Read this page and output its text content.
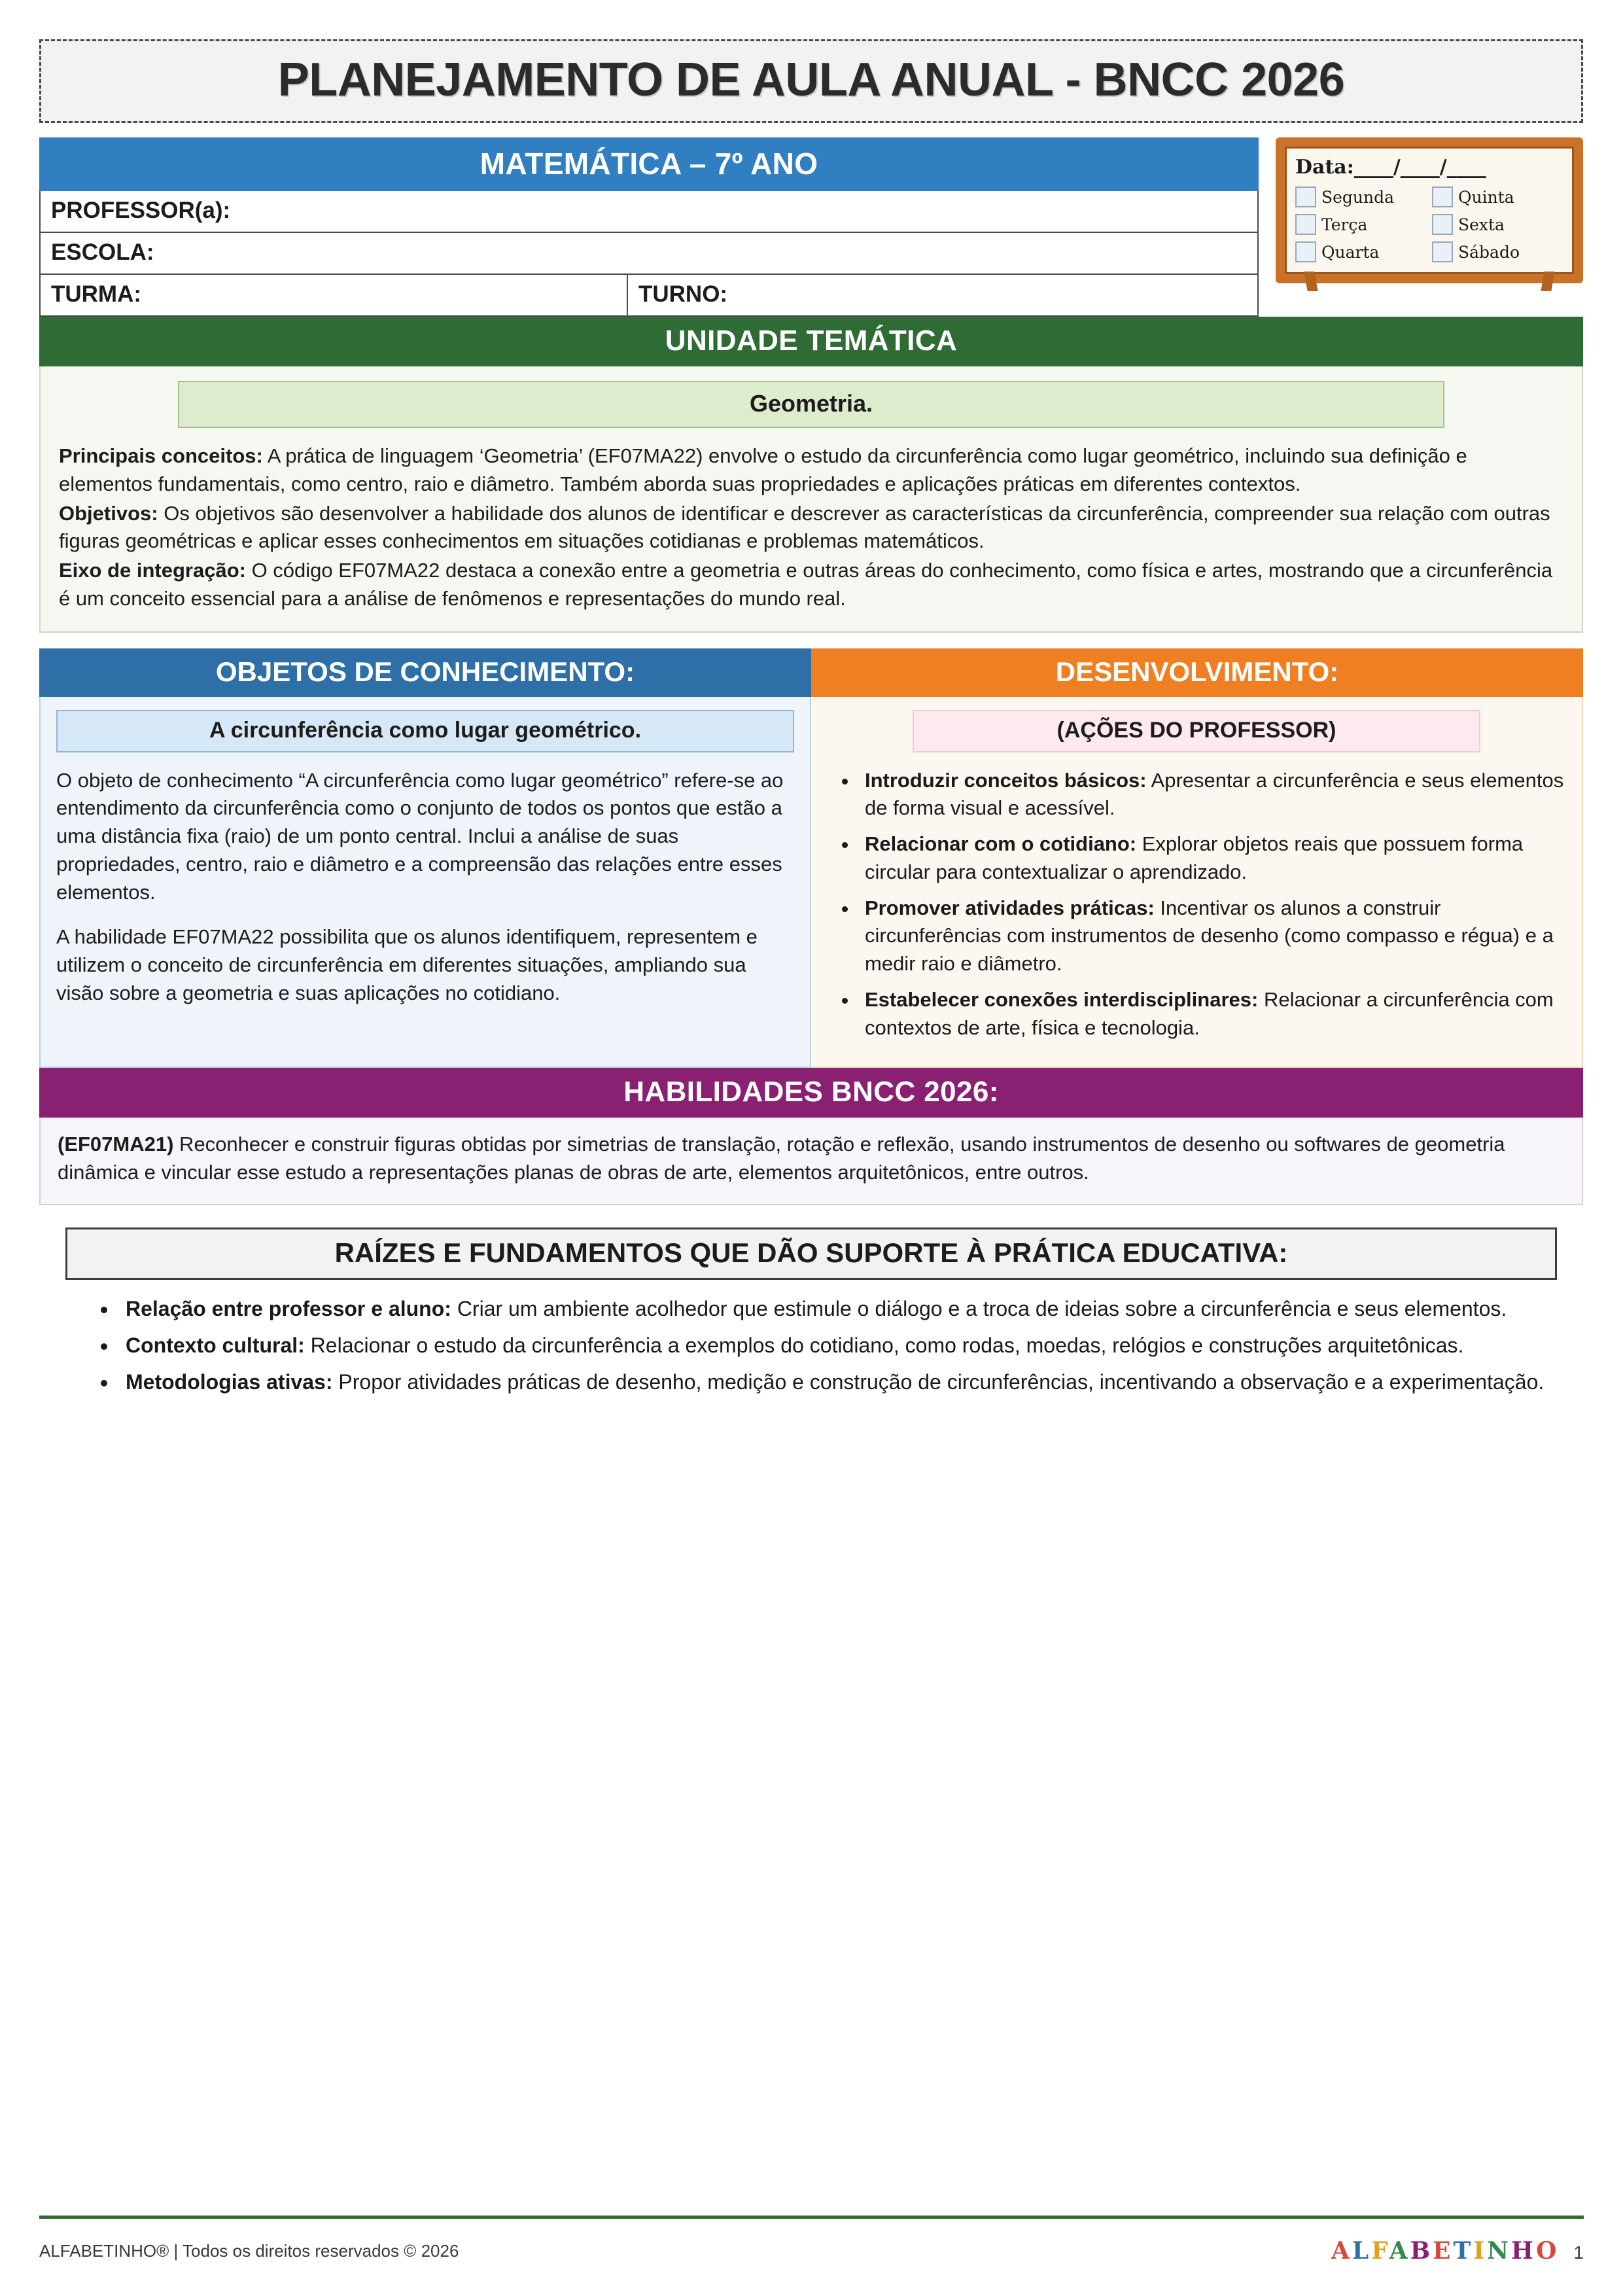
PLANEJAMENTO DE AULA ANUAL - BNCC 2026
MATEMÁTICA – 7º ANO
PROFESSOR(a):
ESCOLA:
TURMA:	TURNO:
Data:____/____/____
Segunda	Quinta
Terça	Sexta
Quarta	Sábado
UNIDADE TEMÁTICA
Geometria.

Principais conceitos: A prática de linguagem ‘Geometria’ (EF07MA22) envolve o estudo da circunferência como lugar geométrico, incluindo sua definição e elementos fundamentais, como centro, raio e diâmetro. Também aborda suas propriedades e aplicações práticas em diferentes contextos.

Objetivos: Os objetivos são desenvolver a habilidade dos alunos de identificar e descrever as características da circunferência, compreender sua relação com outras figuras geométricas e aplicar esses conhecimentos em situações cotidianas e problemas matemáticos.

Eixo de integração: O código EF07MA22 destaca a conexão entre a geometria e outras áreas do conhecimento, como física e artes, mostrando que a circunferência é um conceito essencial para a análise de fenômenos e representações do mundo real.

OBJETOS DE CONHECIMENTO:	DESENVOLVIMENTO:
A circunferência como lugar geométrico.

O objeto de conhecimento “A circunferência como lugar geométrico” refere-se ao entendimento da circunferência como o conjunto de todos os pontos que estão a uma distância fixa (raio) de um ponto central. Inclui a análise de suas propriedades, centro, raio e diâmetro e a compreensão das relações entre esses elementos.

A habilidade EF07MA22 possibilita que os alunos identifiquem, representem e utilizem o conceito de circunferência em diferentes situações, ampliando sua visão sobre a geometria e suas aplicações no cotidiano.

(AÇÕES DO PROFESSOR)
• Introduzir conceitos básicos: Apresentar a circunferência e seus elementos de forma visual e acessível.
• Relacionar com o cotidiano: Explorar objetos reais que possuem forma circular para contextualizar o aprendizado.
• Promover atividades práticas: Incentivar os alunos a construir circunferências com instrumentos de desenho (como compasso e régua) e a medir raio e diâmetro.
• Estabelecer conexões interdisciplinares: Relacionar a circunferência com contextos de arte, física e tecnologia.
HABILIDADES BNCC 2026:

(EF07MA21) Reconhecer e construir figuras obtidas por simetrias de translação, rotação e reflexão, usando instrumentos de desenho ou softwares de geometria dinâmica e vincular esse estudo a representações planas de obras de arte, elementos arquitetônicos, entre outros.

RAÍZES E FUNDAMENTOS QUE DÃO SUPORTE À PRÁTICA EDUCATIVA:
• Relação entre professor e aluno: Criar um ambiente acolhedor que estimule o diálogo e a troca de ideias sobre a circunferência e seus elementos.
• Contexto cultural: Relacionar o estudo da circunferência a exemplos do cotidiano, como rodas, moedas, relógios e construções arquitetônicas.
• Metodologias ativas: Propor atividades práticas de desenho, medição e construção de circunferências, incentivando a observação e a experimentação.
ALFABETINHO® | Todos os direitos reservados © 2026	ALFABETINHO 1
